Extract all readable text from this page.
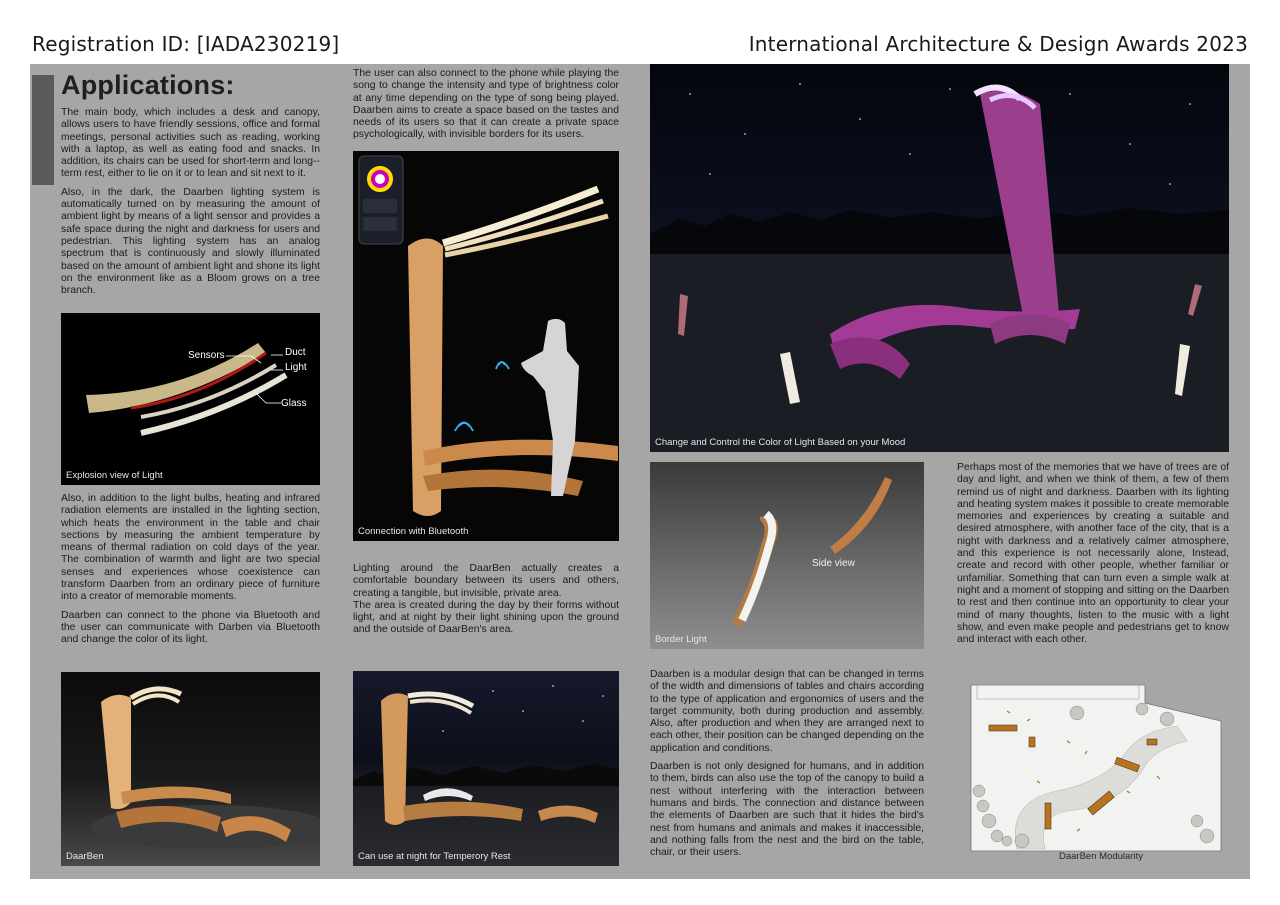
Registration ID: [IADA230219]	International Architecture & Design Awards 2023
Applications:

The main body, which includes a desk and canopy, allows users to have friendly sessions, office and formal meetings, personal activities such as reading, working with a laptop, as well as eating food and snacks. In addition, its chairs can be used for short-term and long--term rest, either to lie on it or to lean and sit next to it.

Also, in the dark, the Daarben lighting system is automatically turned on by measuring the amount of ambient light by means of a light sensor and provides a safe space during the night and darkness for users and pedestrian. This lighting system has an analog spectrum that is continuously and slowly illuminated based on the amount of ambient light and shone its light on the environment like as a Bloom grows on a tree branch.

Sensors	Duct
Light
Glass
Explosion view of Light

Also, in addition to the light bulbs, heating and infrared radiation elements are installed in the lighting section, which heats the environment in the table and chair sections by measuring the ambient temperature by means of thermal radiation on cold days of the year. The combination of warmth and light are two special senses and experiences whose coexistence can transform Daarben from an ordinary piece of furniture into a creator of memorable moments.

Daarben can connect to the phone via Bluetooth and the user can communicate with Darben via Bluetooth and change the color of its light.

DaarBen

The user can also connect to the phone while playing the song to change the intensity and type of brightness color at any time depending on the type of song being played. Daarben aims to create a space based on the tastes and needs of its users so that it can create a private space psychologically, with invisible borders for its users.

Connection with Bluetooth

Lighting around the DaarBen actually creates a comfortable boundary between its users and others, creating a tangible, but invisible, private area.

The area is created during the day by their forms without light, and at night by their light shining upon the ground and the outside of DaarBen's area.

Can use at night for Temperory Rest
Change and Control the Color of Light Based on your Mood
Side view
Border Light

Perhaps most of the memories that we have of trees are of day and light, and when we think of them, a few of them remind us of night and darkness. Daarben with its lighting and heating system makes it possible to create memorable memories and experiences by creating a suitable and desired atmosphere, with another face of the city, that is a night with darkness and a relatively calmer atmosphere, and this experience is not necessarily alone, Instead, create and record with other people, whether familiar or unfamiliar. Something that can turn even a simple walk at night and a moment of stopping and sitting on the Daarben to rest and then continue into an opportunity to clear your mind of many thoughts, listen to the music with a light show, and even make people and pedestrians get to know and interact with each other.

Daarben is a modular design that can be changed in terms of the width and dimensions of tables and chairs according to the type of application and ergonomics of users and the target community, both during production and assembly. Also, after production and when they are arranged next to each other, their position can be changed depending on the application and conditions.

Daarben is not only designed for humans, and in addition to them, birds can also use the top of the canopy to build a nest without interfering with the interaction between humans and birds. The connection and distance between the elements of Daarben are such that it hides the bird's nest from humans and animals and makes it inaccessible, and nothing falls from the nest and the bird on the table, chair, or their users.	DaarBen Modularity
